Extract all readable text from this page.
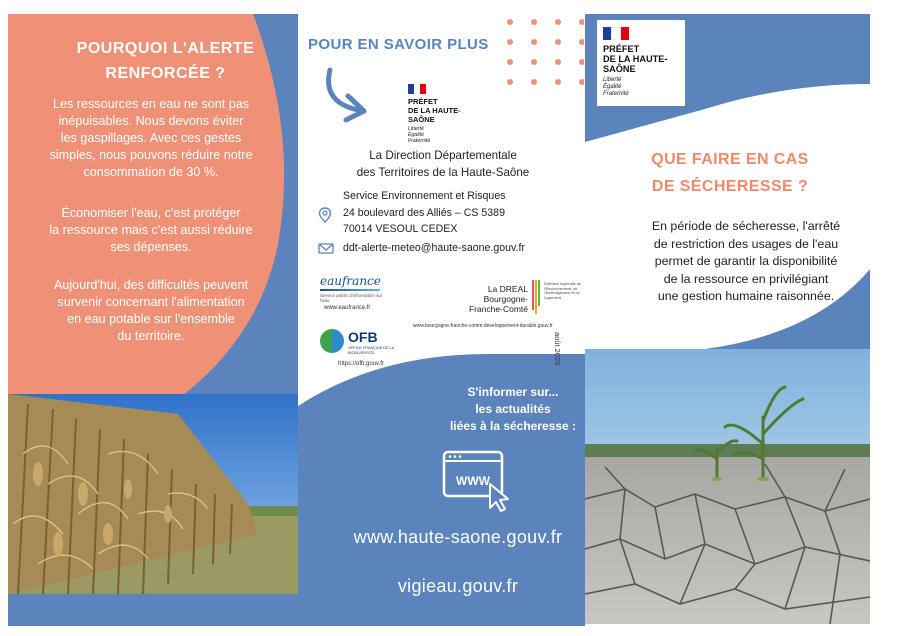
POURQUOI L'ALERTE
RENFORCÉE ?
Les ressources en eau ne sont pas
inépuisables. Nous devons éviter
les gaspillages. Avec ces gestes
simples, nous pouvons réduire notre
consommation de 30 %.
Économiser l'eau, c'est protéger
la ressource mais c'est aussi réduire
ses dépenses.
Aujourd'hui, des difficultés peuvent
survenir concernant l'alimentation
en eau potable sur l'ensemble
du territoire.
POUR EN SAVOIR PLUS
PRÉFET
DE LA HAUTE-
SAÔNE
Liberté
Égalité
Fraternité
La Direction Départementale
des Territoires de la Haute-Saône
Service Environnement et Risques
24 boulevard des Alliés – CS 5389
70014 VESOUL CEDEX
ddt-alerte-meteo@haute-saone.gouv.fr
eaufrance
Service public d'information sur l'eau
www.eaufrance.fr
OFB
OFFICE FRANÇAIS DE LA BIODIVERSITÉ
https://ofb.gouv.fr
La DREAL
Bourgogne-
Franche-Comté
Direction régionale de l'Environnement, de l'Aménagement et du Logement
www.bourgogne-franche-comte.developpement-durable.gouv.fr
août 2025
S'informer sur...
les actualités
liées à la sécheresse :
WWW
www.haute-saone.gouv.fr
vigieau.gouv.fr
PRÉFET
DE LA HAUTE-
SAÔNE
Liberté
Égalité
Fraternité
QUE FAIRE EN CAS
DE SÉCHERESSE ?
En période de sécheresse, l'arrêté
de restriction des usages de l'eau
permet de garantir la disponibilité
de la ressource en privilégiant
une gestion humaine raisonnée.
